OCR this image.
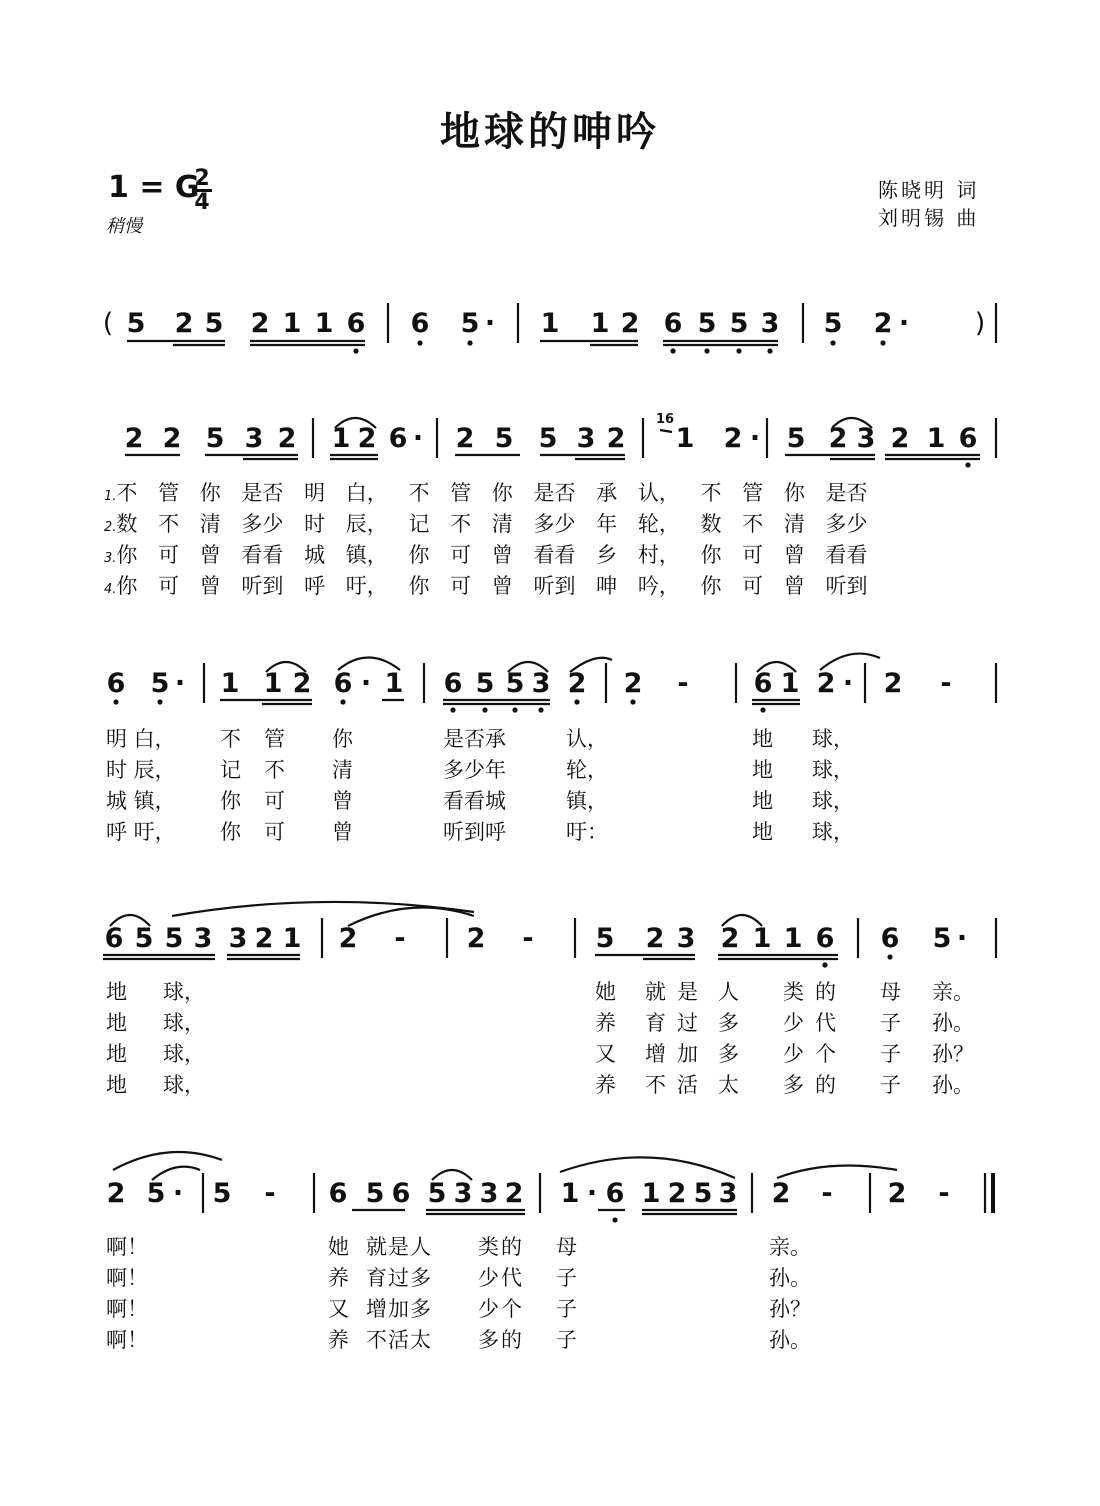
地球的呻吟
1 = G
2
4
稍慢
陈晓明 词
刘明锡 曲
( 5 2 5 2 1 1 6 6 5 · 1 1 2 6 5 5 3 5 2 · )
2 2 5 3 2 1 2 6 · 2 5 5 3 2 1 2 · 5 2 3 2 1 6
16
1.不 管 你 是否 明 白， 不 管 你 是否 承 认， 不 管 你 是否
2.数 不 清 多少 时 辰， 记 不 清 多少 年 轮， 数 不 清 多少
3.你 可 曾 看看 城 镇， 你 可 曾 看看 乡 村， 你 可 曾 看看
4.你 可 曾 听到 呼 吁， 你 可 曾 听到 呻 吟， 你 可 曾 听到
6 5 · 1 1 2 6 · 1 6 5 5 3 2 2 - 6 1 2 · 2 -
明 白， 不 管 你	是否承	认，	地 球，
时 辰， 记 不 清	多少年	轮，	地 球，
城 镇， 你 可 曾	看看城	镇，	地 球，
呼 吁， 你 可 曾	听到呼	吁：	地 球，
6 5 5 3 3 2 1 2 - 2 - 5 2 3 2 1 1 6 6 5 ·
地 球，	她 就 是 人 类 的 母 亲。
地 球，	养 育 过 多 少 代 子 孙。
地 球，	又 增 加 多 少 个 子 孙？
地 球，	养 不 活 太 多 的 子 孙。
2 5 · 5 - 6 5 6 5 3 3 2 1 · 6 1 2 5 3 2 - 2 -
啊！	她 就是人 类的 母	亲。
啊！	养 育过多 少代 子	孙。
啊！	又 增加多 少个 子	孙？
啊！	养 不活太 多的 子	孙。
